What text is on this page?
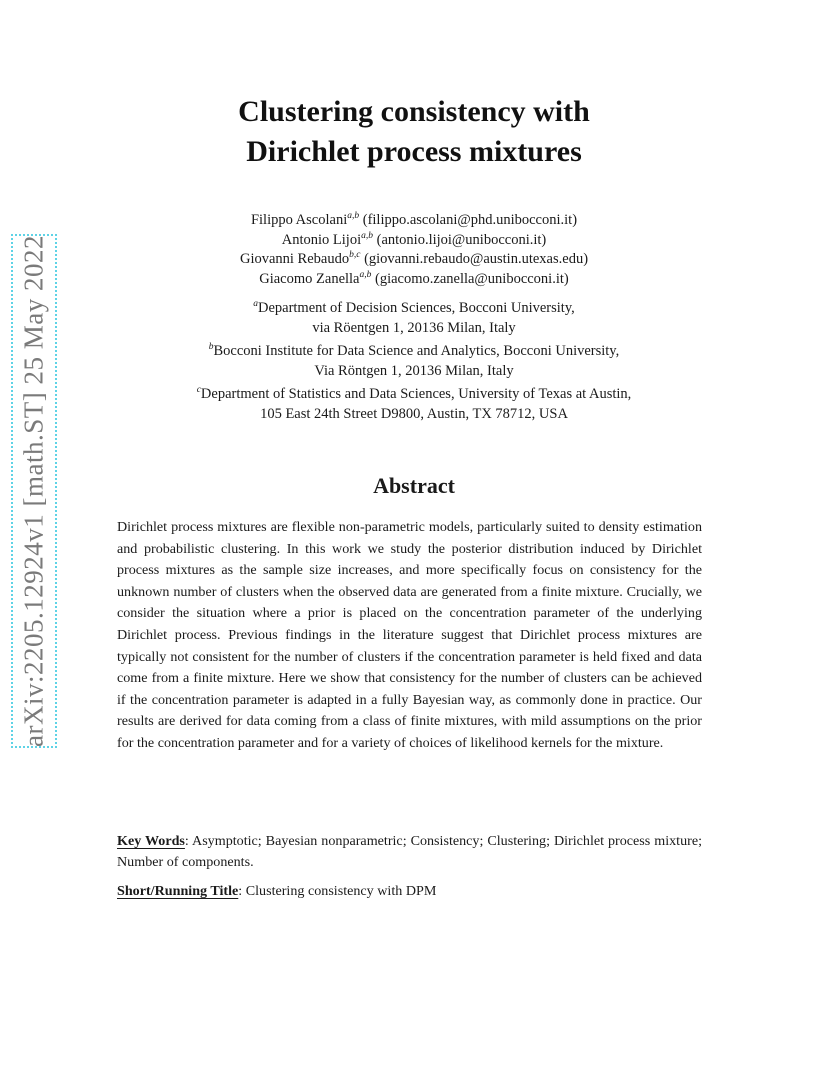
arXiv:2205.12924v1 [math.ST] 25 May 2022
Clustering consistency with
Dirichlet process mixtures
Filippo Ascolani$^{a,b}$ (filippo.ascolani@phd.unibocconi.it)
Antonio Lijoi$^{a,b}$ (antonio.lijoi@unibocconi.it)
Giovanni Rebaudo$^{b,c}$ (giovanni.rebaudo@austin.utexas.edu)
Giacomo Zanella$^{a,b}$ (giacomo.zanella@unibocconi.it)
$^a$Department of Decision Sciences, Bocconi University,
via Röentgen 1, 20136 Milan, Italy
$^b$Bocconi Institute for Data Science and Analytics, Bocconi University,
Via Röntgen 1, 20136 Milan, Italy
$^c$Department of Statistics and Data Sciences, University of Texas at Austin,
105 East 24th Street D9800, Austin, TX 78712, USA
Abstract
Dirichlet process mixtures are flexible non-parametric models, particularly suited to density estimation and probabilistic clustering. In this work we study the posterior distribution induced by Dirichlet process mixtures as the sample size increases, and more specifically focus on consistency for the unknown number of clusters when the observed data are generated from a finite mixture. Crucially, we consider the situation where a prior is placed on the concentration parameter of the underlying Dirichlet process. Previous findings in the literature suggest that Dirichlet process mixtures are typically not consistent for the number of clusters if the concentration parameter is held fixed and data come from a finite mixture. Here we show that consistency for the number of clusters can be achieved if the concentration parameter is adapted in a fully Bayesian way, as commonly done in practice. Our results are derived for data coming from a class of finite mixtures, with mild assumptions on the prior for the concentration parameter and for a variety of choices of likelihood kernels for the mixture.
Key Words: Asymptotic; Bayesian nonparametric; Consistency; Clustering; Dirichlet process mixture; Number of components.
Short/Running Title: Clustering consistency with DPM
